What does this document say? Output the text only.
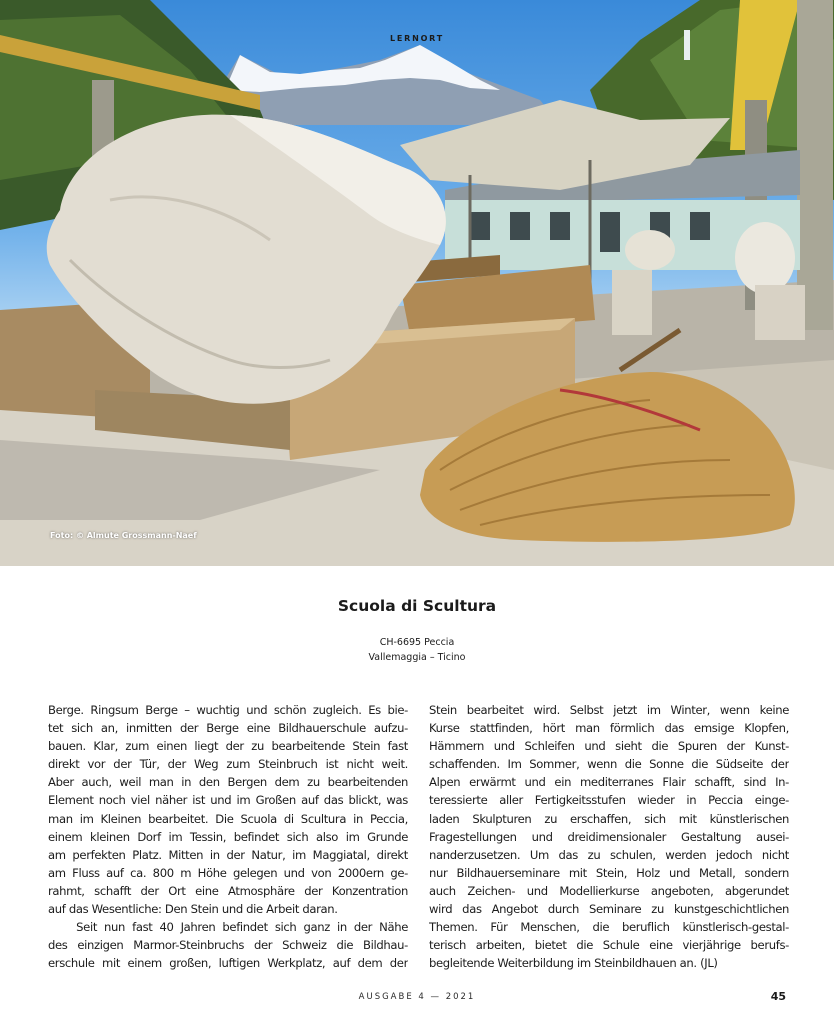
LERNORT
Foto: © Almute Grossmann-Naef
Scuola di Scultura
CH-6695 Peccia
Vallemaggia – Ticino

Berge. Ringsum Berge – wuchtig und schön zugleich. Es bie-

tet sich an, inmitten der Berge eine Bildhauerschule aufzu-

bauen. Klar, zum einen liegt der zu bearbeitende Stein fast

direkt vor der Tür, der Weg zum Steinbruch ist nicht weit.

Aber auch, weil man in den Bergen dem zu bearbeitenden

Element noch viel näher ist und im Großen auf das blickt, was

man im Kleinen bearbeitet. Die Scuola di Scultura in Peccia,

einem kleinen Dorf im Tessin, befindet sich also im Grunde

am perfekten Platz. Mitten in der Natur, im Maggiatal, direkt

am Fluss auf ca. 800 m Höhe gelegen und von 2000ern ge-

rahmt, schafft der Ort eine Atmosphäre der Konzentration

auf das Wesentliche: Den Stein und die Arbeit daran.

Seit nun fast 40 Jahren befindet sich ganz in der Nähe

des einzigen Marmor-Steinbruchs der Schweiz die Bildhau-

erschule mit einem großen, luftigen Werkplatz, auf dem der

Stein bearbeitet wird. Selbst jetzt im Winter, wenn keine

Kurse stattfinden, hört man förmlich das emsige Klopfen,

Hämmern und Schleifen und sieht die Spuren der Kunst-

schaffenden. Im Sommer, wenn die Sonne die Südseite der

Alpen erwärmt und ein mediterranes Flair schafft, sind In-

teressierte aller Fertigkeitsstufen wieder in Peccia einge-

laden Skulpturen zu erschaffen, sich mit künstlerischen

Fragestellungen und dreidimensionaler Gestaltung ausei-

nanderzusetzen. Um das zu schulen, werden jedoch nicht

nur Bildhauerseminare mit Stein, Holz und Metall, sondern

auch Zeichen- und Modellierkurse angeboten, abgerundet

wird das Angebot durch Seminare zu kunstgeschichtlichen

Themen. Für Menschen, die beruflich künstlerisch-gestal-

terisch arbeiten, bietet die Schule eine vierjährige berufs-

begleitende Weiterbildung im Steinbildhauen an. (JL)

AUSGABE 4 — 2021	45
